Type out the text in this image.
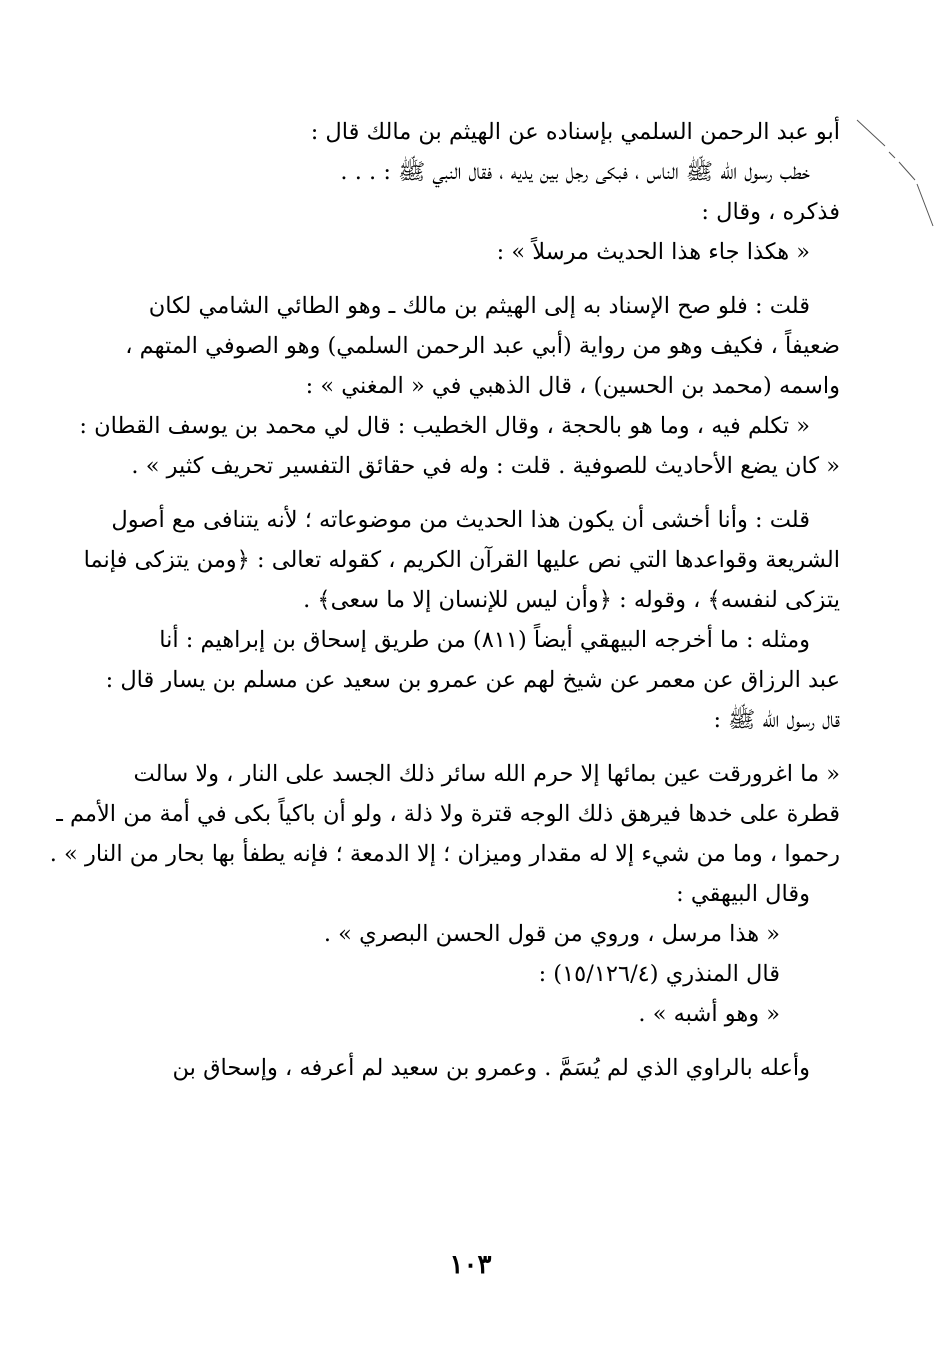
أبو عبد الرحمن السلمي بإسناده عن الهيثم بن مالك قال :
خطب رسول الله ﷺ الناس ، فبكى رجل بين يديه ، فقال النبي ﷺ : . . .
فذكره ، وقال :
« هكذا جاء هذا الحديث مرسلاً » :
قلت : فلو صح الإسناد به إلى الهيثم بن مالك ـ وهو الطائي الشامي لكان
ضعيفاً ، فكيف وهو من رواية (أبي عبد الرحمن السلمي) وهو الصوفي المتهم ،
واسمه (محمد بن الحسين) ، قال الذهبي في « المغني » :
« تكلم فيه ، وما هو بالحجة ، وقال الخطيب : قال لي محمد بن يوسف القطان :
« كان يضع الأحاديث للصوفية . قلت : وله في حقائق التفسير تحريف كثير » .
قلت : وأنا أخشى أن يكون هذا الحديث من موضوعاته ؛ لأنه يتنافى مع أصول
الشريعة وقواعدها التي نص عليها القرآن الكريم ، كقوله تعالى : ﴿ومن يتزكى فإنما
يتزكى لنفسه﴾ ، وقوله : ﴿وأن ليس للإنسان إلا ما سعى﴾ .
ومثله : ما أخرجه البيهقي أيضاً (٨١١) من طريق إسحاق بن إبراهيم : أنا
عبد الرزاق عن معمر عن شيخ لهم عن عمرو بن سعيد عن مسلم بن يسار قال :
قال رسول الله ﷺ :
« ما اغرورقت عين بمائها إلا حرم الله سائر ذلك الجسد على النار ، ولا سالت
قطرة على خدها فيرهق ذلك الوجه قترة ولا ذلة ، ولو أن باكياً بكى في أمة من الأمم ـ
رحموا ، وما من شيء إلا له مقدار وميزان ؛ إلا الدمعة ؛ فإنه يطفأ بها بحار من النار » .
وقال البيهقي :
« هذا مرسل ، وروي من قول الحسن البصري » .
قال المنذري (١٥/١٢٦/٤) :
« وهو أشبه » .
وأعله بالراوي الذي لم يُسَمَّ . وعمرو بن سعيد لم أعرفه ، وإسحاق بن
١٠٣
